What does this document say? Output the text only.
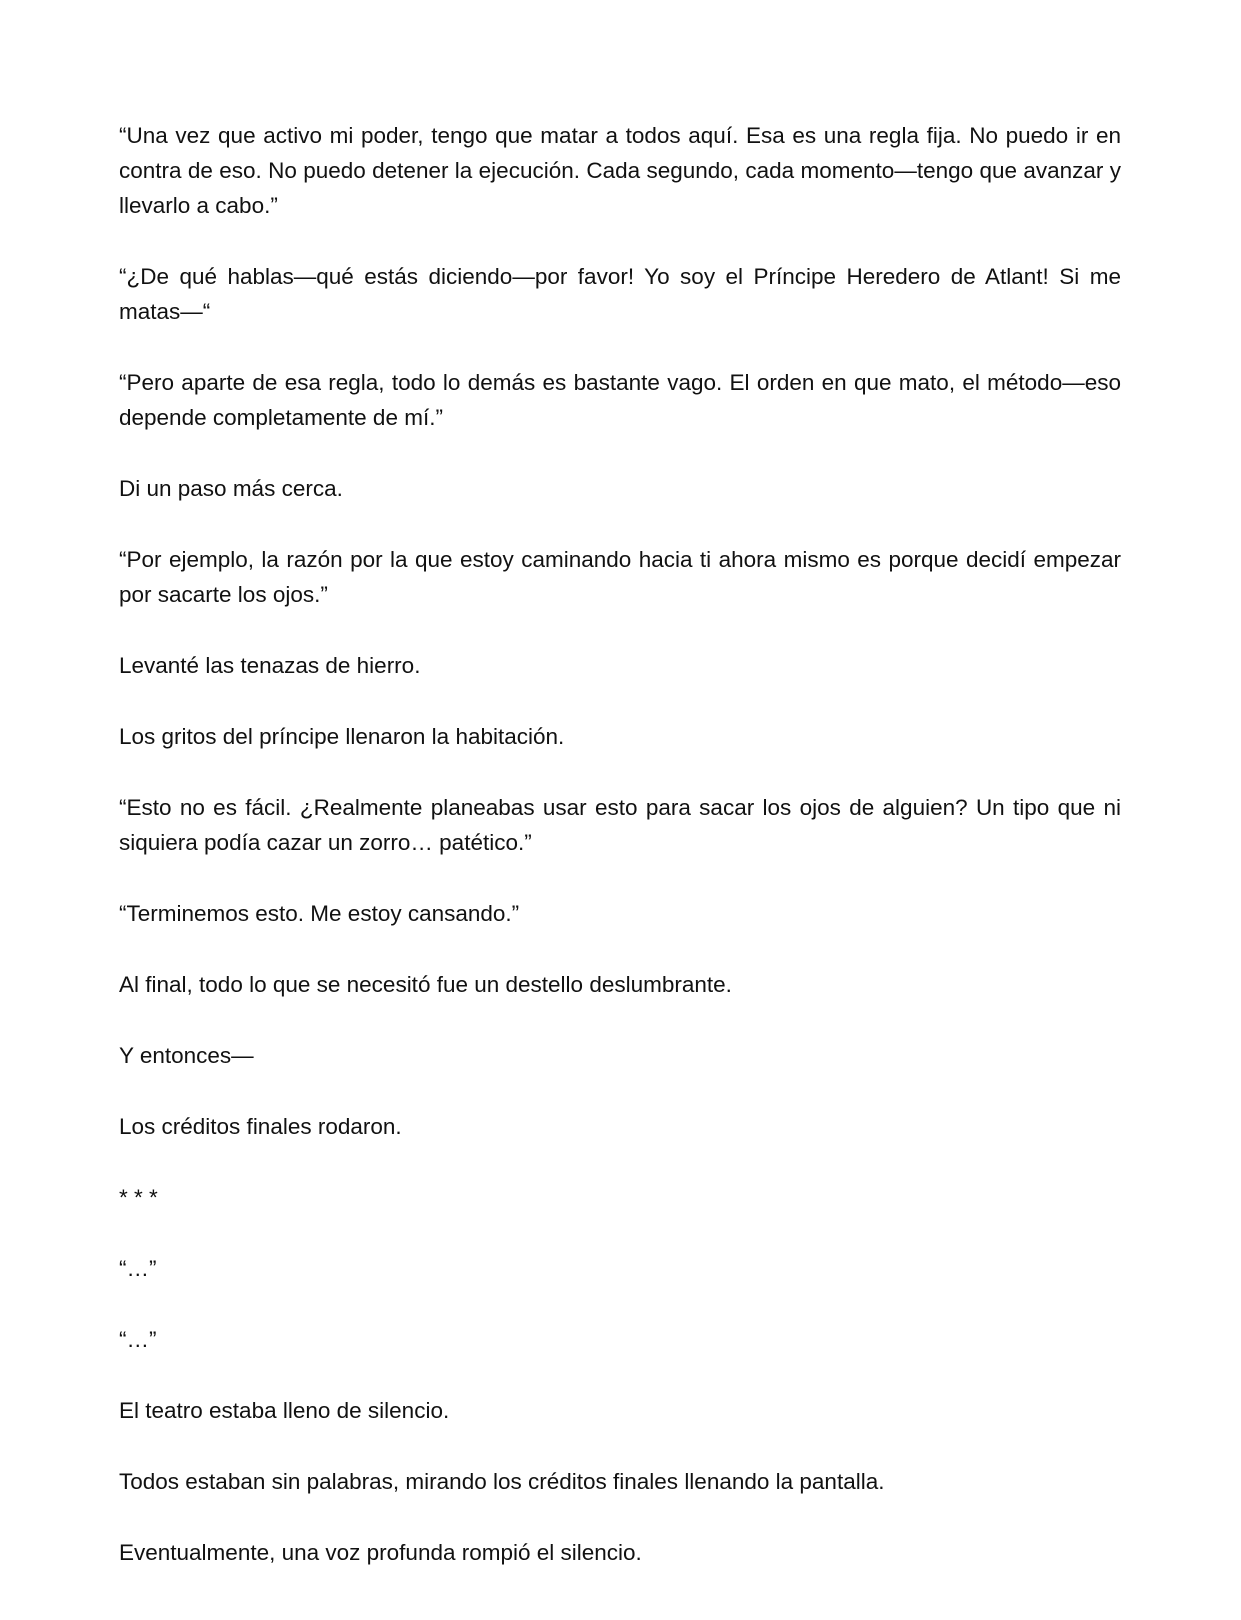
“Una vez que activo mi poder, tengo que matar a todos aquí. Esa es una regla fija. No puedo ir en contra de eso. No puedo detener la ejecución. Cada segundo, cada momento—tengo que avanzar y llevarlo a cabo.”

“¿De qué hablas—qué estás diciendo—por favor! Yo soy el Príncipe Heredero de Atlant! Si me matas—“

“Pero aparte de esa regla, todo lo demás es bastante vago. El orden en que mato, el método—eso depende completamente de mí.”

Di un paso más cerca.

“Por ejemplo, la razón por la que estoy caminando hacia ti ahora mismo es porque decidí empezar por sacarte los ojos.”

Levanté las tenazas de hierro.

Los gritos del príncipe llenaron la habitación.

“Esto no es fácil. ¿Realmente planeabas usar esto para sacar los ojos de alguien? Un tipo que ni siquiera podía cazar un zorro… patético.”

“Terminemos esto. Me estoy cansando.”

Al final, todo lo que se necesitó fue un destello deslumbrante.

Y entonces—

Los créditos finales rodaron.

* * *

“…”

“…”

El teatro estaba lleno de silencio.

Todos estaban sin palabras, mirando los créditos finales llenando la pantalla.

Eventualmente, una voz profunda rompió el silencio.
